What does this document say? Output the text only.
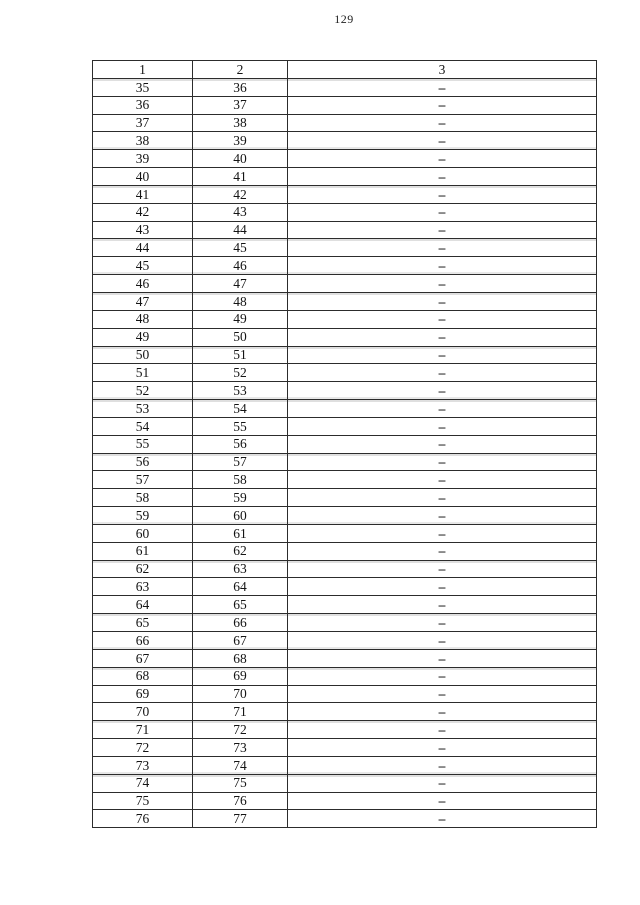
129
1	2	3
35	36	–
36	37	–
37	38	–
38	39	–
39	40	–
40	41	–
41	42	–
42	43	–
43	44	–
44	45	–
45	46	–
46	47	–
47	48	–
48	49	–
49	50	–
50	51	–
51	52	–
52	53	–
53	54	–
54	55	–
55	56	–
56	57	–
57	58	–
58	59	–
59	60	–
60	61	–
61	62	–
62	63	–
63	64	–
64	65	–
65	66	–
66	67	–
67	68	–
68	69	–
69	70	–
70	71	–
71	72	–
72	73	–
73	74	–
74	75	–
75	76	–
76	77	–
